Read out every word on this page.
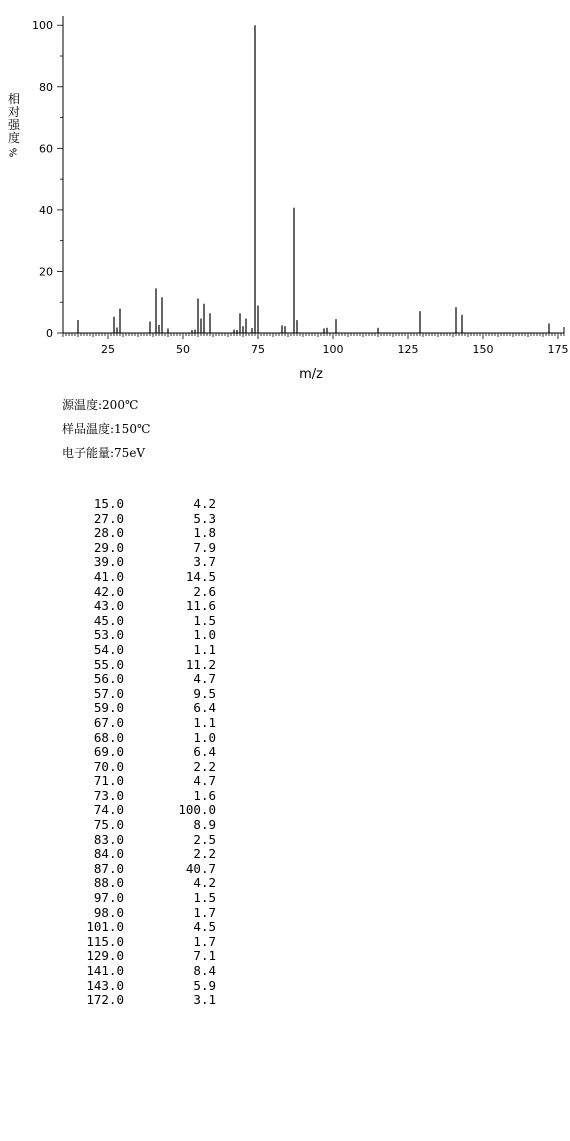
25	50	75	100	125	150	175
0
20
40
60
80
100
m/z
相
对
强
度
%
源温度:200℃
样品温度:150℃
电子能量:75eV
15.0	4.2
27.0	5.3
28.0	1.8
29.0	7.9
39.0	3.7
41.0	14.5
42.0	2.6
43.0	11.6
45.0	1.5
53.0	1.0
54.0	1.1
55.0	11.2
56.0	4.7
57.0	9.5
59.0	6.4
67.0	1.1
68.0	1.0
69.0	6.4
70.0	2.2
71.0	4.7
73.0	1.6
74.0	100.0
75.0	8.9
83.0	2.5
84.0	2.2
87.0	40.7
88.0	4.2
97.0	1.5
98.0	1.7
101.0	4.5
115.0	1.7
129.0	7.1
141.0	8.4
143.0	5.9
172.0	3.1
